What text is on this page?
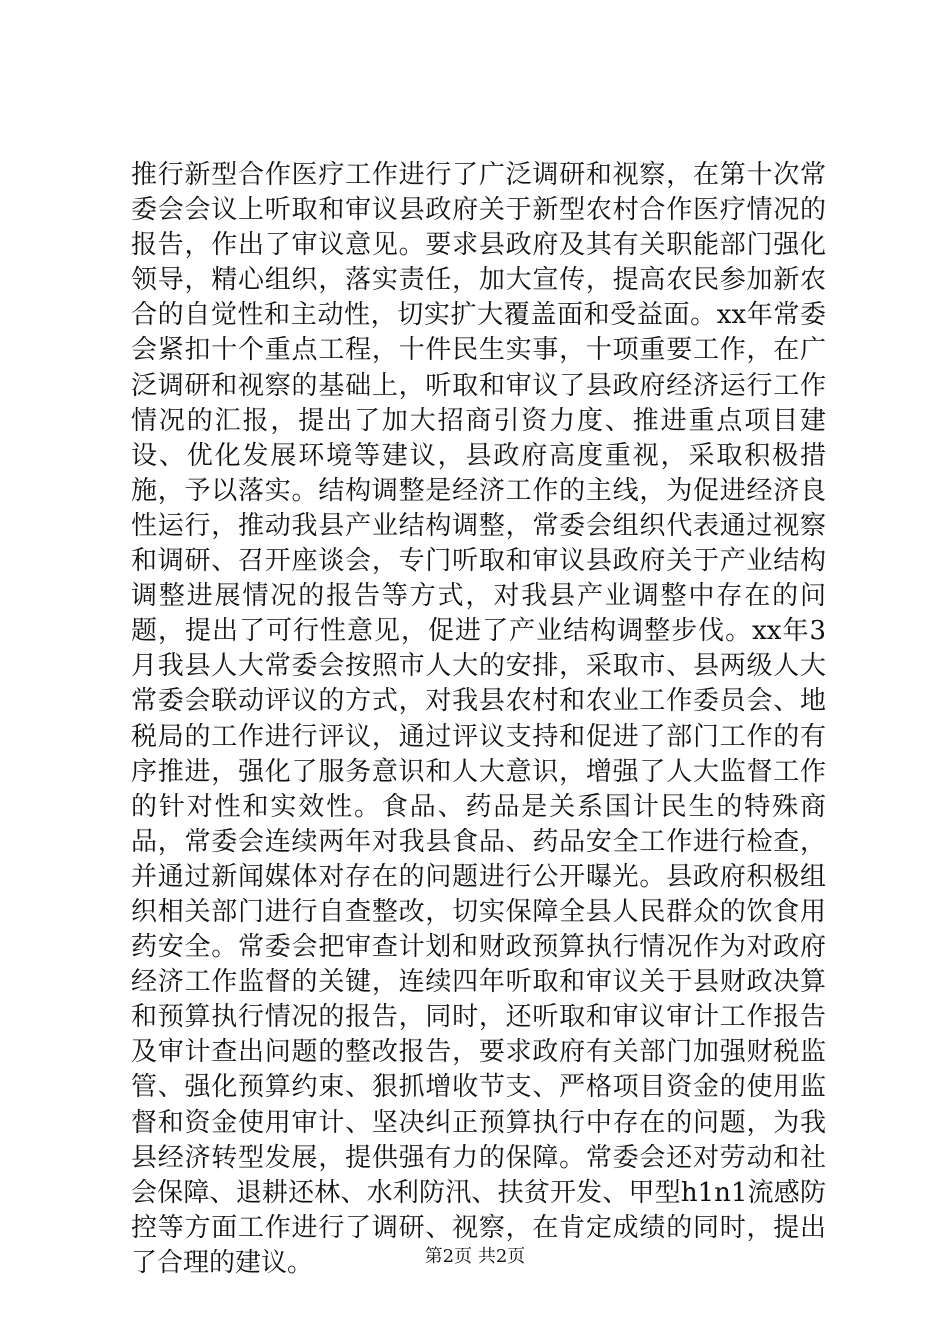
推行新型合作医疗工作进行了广泛调研和视察，在第十次常委会会议上听取和审议县政府关于新型农村合作医疗情况的报告，作出了审议意见。要求县政府及其有关职能部门强化领导，精心组织，落实责任，加大宣传，提高农民参加新农合的自觉性和主动性，切实扩大覆盖面和受益面。xx年常委会紧扣十个重点工程，十件民生实事，十项重要工作，在广泛调研和视察的基础上，听取和审议了县政府经济运行工作情况的汇报，提出了加大招商引资力度、推进重点项目建设、优化发展环境等建议，县政府高度重视，采取积极措施，予以落实。结构调整是经济工作的主线，为促进经济良性运行，推动我县产业结构调整，常委会组织代表通过视察和调研、召开座谈会，专门听取和审议县政府关于产业结构调整进展情况的报告等方式，对我县产业调整中存在的问题，提出了可行性意见，促进了产业结构调整步伐。xx年3月我县人大常委会按照市人大的安排，采取市、县两级人大常委会联动评议的方式，对我县农村和农业工作委员会、地税局的工作进行评议，通过评议支持和促进了部门工作的有序推进，强化了服务意识和人大意识，增强了人大监督工作的针对性和实效性。食品、药品是关系国计民生的特殊商品，常委会连续两年对我县食品、药品安全工作进行检查，并通过新闻媒体对存在的问题进行公开曝光。县政府积极组织相关部门进行自查整改，切实保障全县人民群众的饮食用药安全。常委会把审查计划和财政预算执行情况作为对政府经济工作监督的关键，连续四年听取和审议关于县财政决算和预算执行情况的报告，同时，还听取和审议审计工作报告及审计查出问题的整改报告，要求政府有关部门加强财税监管、强化预算约束、狠抓增收节支、严格项目资金的使用监督和资金使用审计、坚决纠正预算执行中存在的问题，为我县经济转型发展，提供强有力的保障。常委会还对劳动和社会保障、退耕还林、水利防汛、扶贫开发、甲型h1n1流感防控等方面工作进行了调研、视察，在肯定成绩的同时，提出了合理的建议。	第2页 共2页
